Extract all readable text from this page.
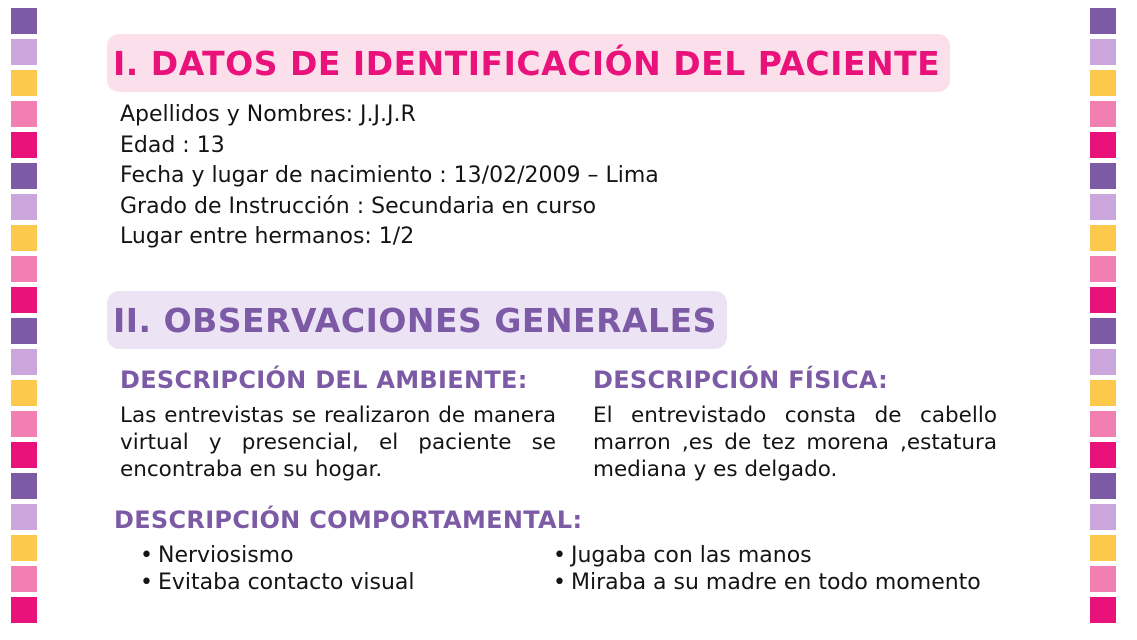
I. DATOS DE IDENTIFICACIÓN DEL PACIENTE
Apellidos y Nombres: J.J.J.R
Edad : 13
Fecha y lugar de nacimiento : 13/02/2009 – Lima
Grado de Instrucción : Secundaria en curso
Lugar entre hermanos: 1/2
II. OBSERVACIONES GENERALES
DESCRIPCIÓN DEL AMBIENTE:
Las entrevistas se realizaron de manera virtual y presencial, el paciente se encontraba en su hogar.
DESCRIPCIÓN FÍSICA:
El entrevistado consta de cabello marron ,es de tez morena ,estatura mediana y es delgado.
DESCRIPCIÓN COMPORTAMENTAL:
• Nerviosismo
• Evitaba contacto visual
• Jugaba con las manos
• Miraba a su madre en todo momento
